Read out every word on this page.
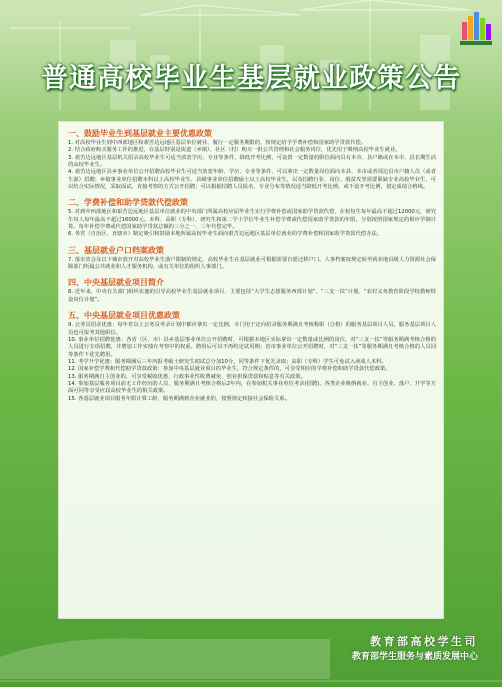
普通高校毕业生基层就业政策公告
一、鼓励毕业生到基层就业主要优惠政策
1. 对高校毕业生到中西部地区和艰苦边远地区基层单位就业、履行一定服务期限的，按规定给予学费补偿和国家助学贷款代偿。
2. 结合政府购买服务工作的推进，在基层特别是街道（乡镇）、社区（村）购买一批公共管理和社会服务岗位，优先用于吸纳高校毕业生就业。
3. 艰苦边远地区基层机关招录高校毕业生可适当放宽学历、专业等条件，降低开考比例，可设置一定数量的职位面向具有本市、县户籍或在本市、县长期生活的高校毕业生。
4. 艰苦边远地区县乡事业单位公开招聘高校毕业生可适当放宽年龄、学历、专业等条件，可以拿出一定数量岗位面向本县、本市或者周边县市户籍人员（或者生源）招聘；乡镇事业单位招聘本科以上高校毕业生、县级事业单位招聘硕士以上高校毕业生，以及招聘行业、岗位、脱贫攻坚需要紧缺专业高校毕业生，可以结合实际情况，采取面试、直接考察的方式公开招聘；可以根据招聘人员报名、专业分布等情况适当降低开考比例，或不设开考比例，划定成绩合格线。
二、学费补偿和助学贷款代偿政策
5. 对到中西部地区和艰苦边远地区基层单位就业的中央部门所属高校应届毕业生实行学费补偿或国家助学贷款代偿，在校每生每年最高不超过12000元，研究生每人每年最高不超过16000元。本科、高职（专科）、研究生和第二学士学位毕业生补偿学费或代偿国家助学贷款的年限，分别按照国家规定的相应学制计算。每年补偿学费或代偿国家助学贷款总额的三分之一，三年代偿完毕。
6. 各省（自治区、直辖市）制定吸引和鼓励本地所属高校毕业生面向艰苦边远地区基层单位就业的学费补偿和国家助学贷款代偿办法。
三、基层就业户口档案政策
7. 落实省会及以下城市放开对高校毕业生落户限制的规定，高校毕业生在基层就业可根据需要自愿迁移户口。人事档案按规定转至就业地县级人力资源社会保障部门所属公共就业和人才服务机构，或有关单位的组织人事部门。
四、中央基层就业项目简介
8. 近年来，中央有关部门组织实施的引导高校毕业生基层就业项目，主要包括“大学生志愿服务西部计划”、“三支一扶”计划、“农村义务教育阶段学校教师特设岗位计划”。
五、中央基层就业项目优惠政策
9. 公务员招录优惠：每年省以上公务员考录计划中都应拿出一定比例，专门用于定向招录服务期满且考核称职（合格）的服务基层项目人员。服务基层项目人员也可报考其他职位。
10. 事业单位招聘优惠：各省（区、市）县乡基层事业单位公开招聘时，可根据本地区实际拿出一定数量或比例的岗位，对“三支一扶”等服务期满考核合格的人员进行专项招聘，并增加工作实绩在考察中的权重。聘用后可以不再约定试用期；省市事业单位公开招聘时，对“三支一扶”等服务期满且考核合格的人员同等条件下优先聘用。
11. 考学升学优惠：服务期满后三年内报考硕士研究生初试总分加10分，同等条件下优先录取；高职（专科）学生可免试入读成人本科。
12. 国家补偿学费和代偿助学贷款政策：参加中央基层就业项目的毕业生，符合规定条件的，可享受相应的学费补偿和助学贷款代偿政策。
13. 服务期满自主创业的，可享受税收优惠、行政事业性收费减免、创业担保贷款和贴息等有关政策。
14. 参加基层服务项目前无工作经历的人员，服务期满且考核合格后2年内，在参加机关事业单位考录(招聘)、各类企业吸纳就业、自主创业、落户、升学等方面可同等享受应届高校毕业生的相关政策。
15. 各基层就业项目服务年限计算工龄，服务期满到企业就业的，按照规定转接社会保险关系。
教育部高校学生司
教育部学生服务与素质发展中心
